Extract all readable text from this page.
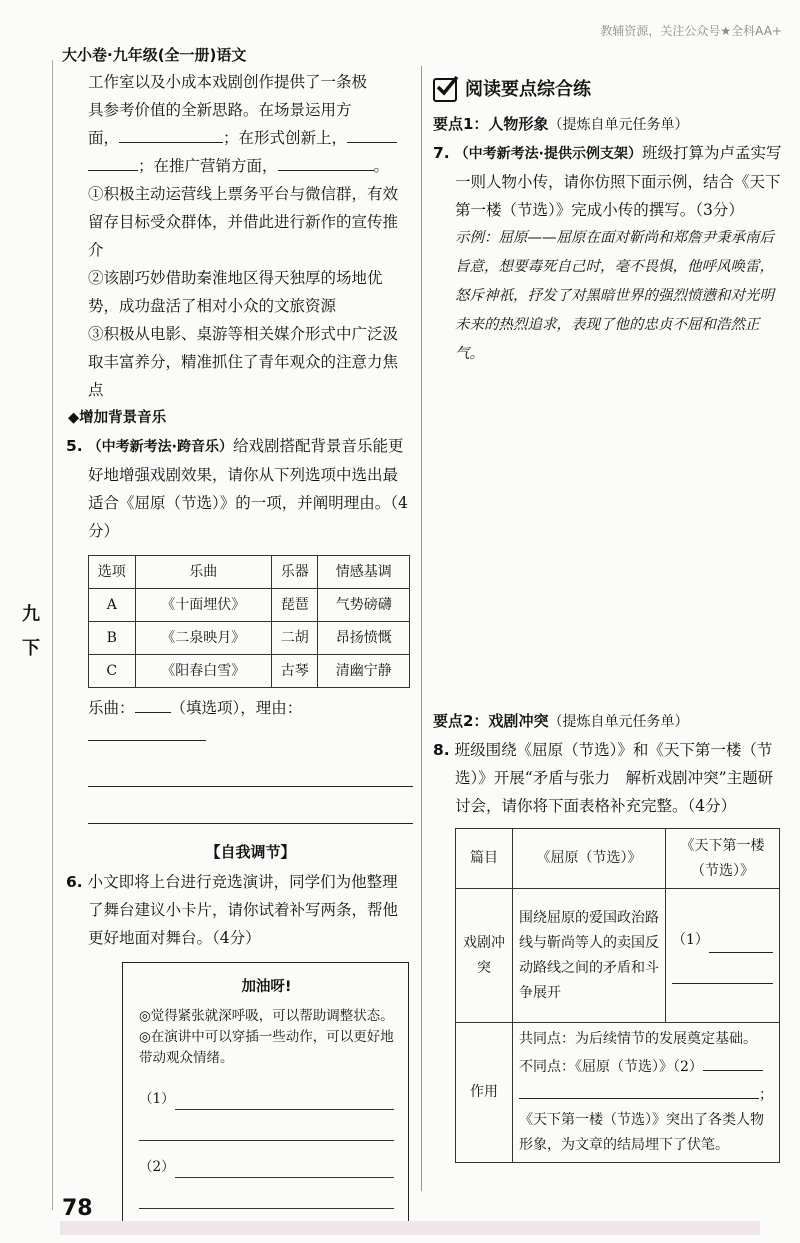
教辅资源，关注公众号★全科AA+
大小卷·九年级(全一册)语文
九
下

工作室以及小成本戏剧创作提供了一条极

具参考价值的全新思路。在场景运用方

面，	；在形式创新上，

；在推广营销方面，	。

①积极主动运营线上票务平台与微信群，有效留存目标受众群体，并借此进行新作的宣传推介

②该剧巧妙借助秦淮地区得天独厚的场地优势，成功盘活了相对小众的文旅资源

③积极从电影、桌游等相关媒介形式中广泛汲取丰富养分，精准抓住了青年观众的注意力焦点

◆增加背景音乐

5. （中考新考法·跨音乐）给戏剧搭配背景音乐能更好地增强戏剧效果，请你从下列选项中选出最适合《屈原（节选）》的一项，并阐明理由。（4分）

选项	乐曲	乐器	情感基调
A	《十面埋伏》	琵琶	气势磅礴
B	《二泉映月》	二胡	昂扬愤慨
C	《阳春白雪》	古琴	清幽宁静

乐曲： （填选项），理由：

【自我调节】

6. 小文即将上台进行竞选演讲，同学们为他整理了舞台建议小卡片，请你试着补写两条，帮他更好地面对舞台。（4分）

加油呀!

◎觉得紧张就深呼吸，可以帮助调整状态。

◎在演讲中可以穿插一些动作，可以更好地带动观众情绪。

（1）
（2）
阅读要点综合练

要点1：人物形象（提炼自单元任务单）

7. （中考新考法·提供示例支架）班级打算为卢孟实写一则人物小传，请你仿照下面示例，结合《天下第一楼（节选）》完成小传的撰写。（3分）

示例：屈原——屈原在面对靳尚和郑詹尹秉承南后旨意，想要毒死自己时，毫不畏惧，他呼风唤雷，怒斥神祇，抒发了对黑暗世界的强烈愤懑和对光明未来的热烈追求，表现了他的忠贞不屈和浩然正气。

要点2：戏剧冲突（提炼自单元任务单）

8. 班级围绕《屈原（节选）》和《天下第一楼（节选）》开展“矛盾与张力　解析戏剧冲突”主题研讨会，请你将下面表格补充完整。（4分）

篇目	《屈原（节选）》	《天下第一楼（节选）》
戏剧冲突	围绕屈原的爱国政治路线与靳尚等人的卖国反动路线之间的矛盾和斗争展开	（1）

作用	共同点：为后续情节的发展奠定基础。

不同点：《屈原（节选）》（2）

；

《天下第一楼（节选）》突出了各类人物形象，为文章的结局埋下了伏笔。	

78
